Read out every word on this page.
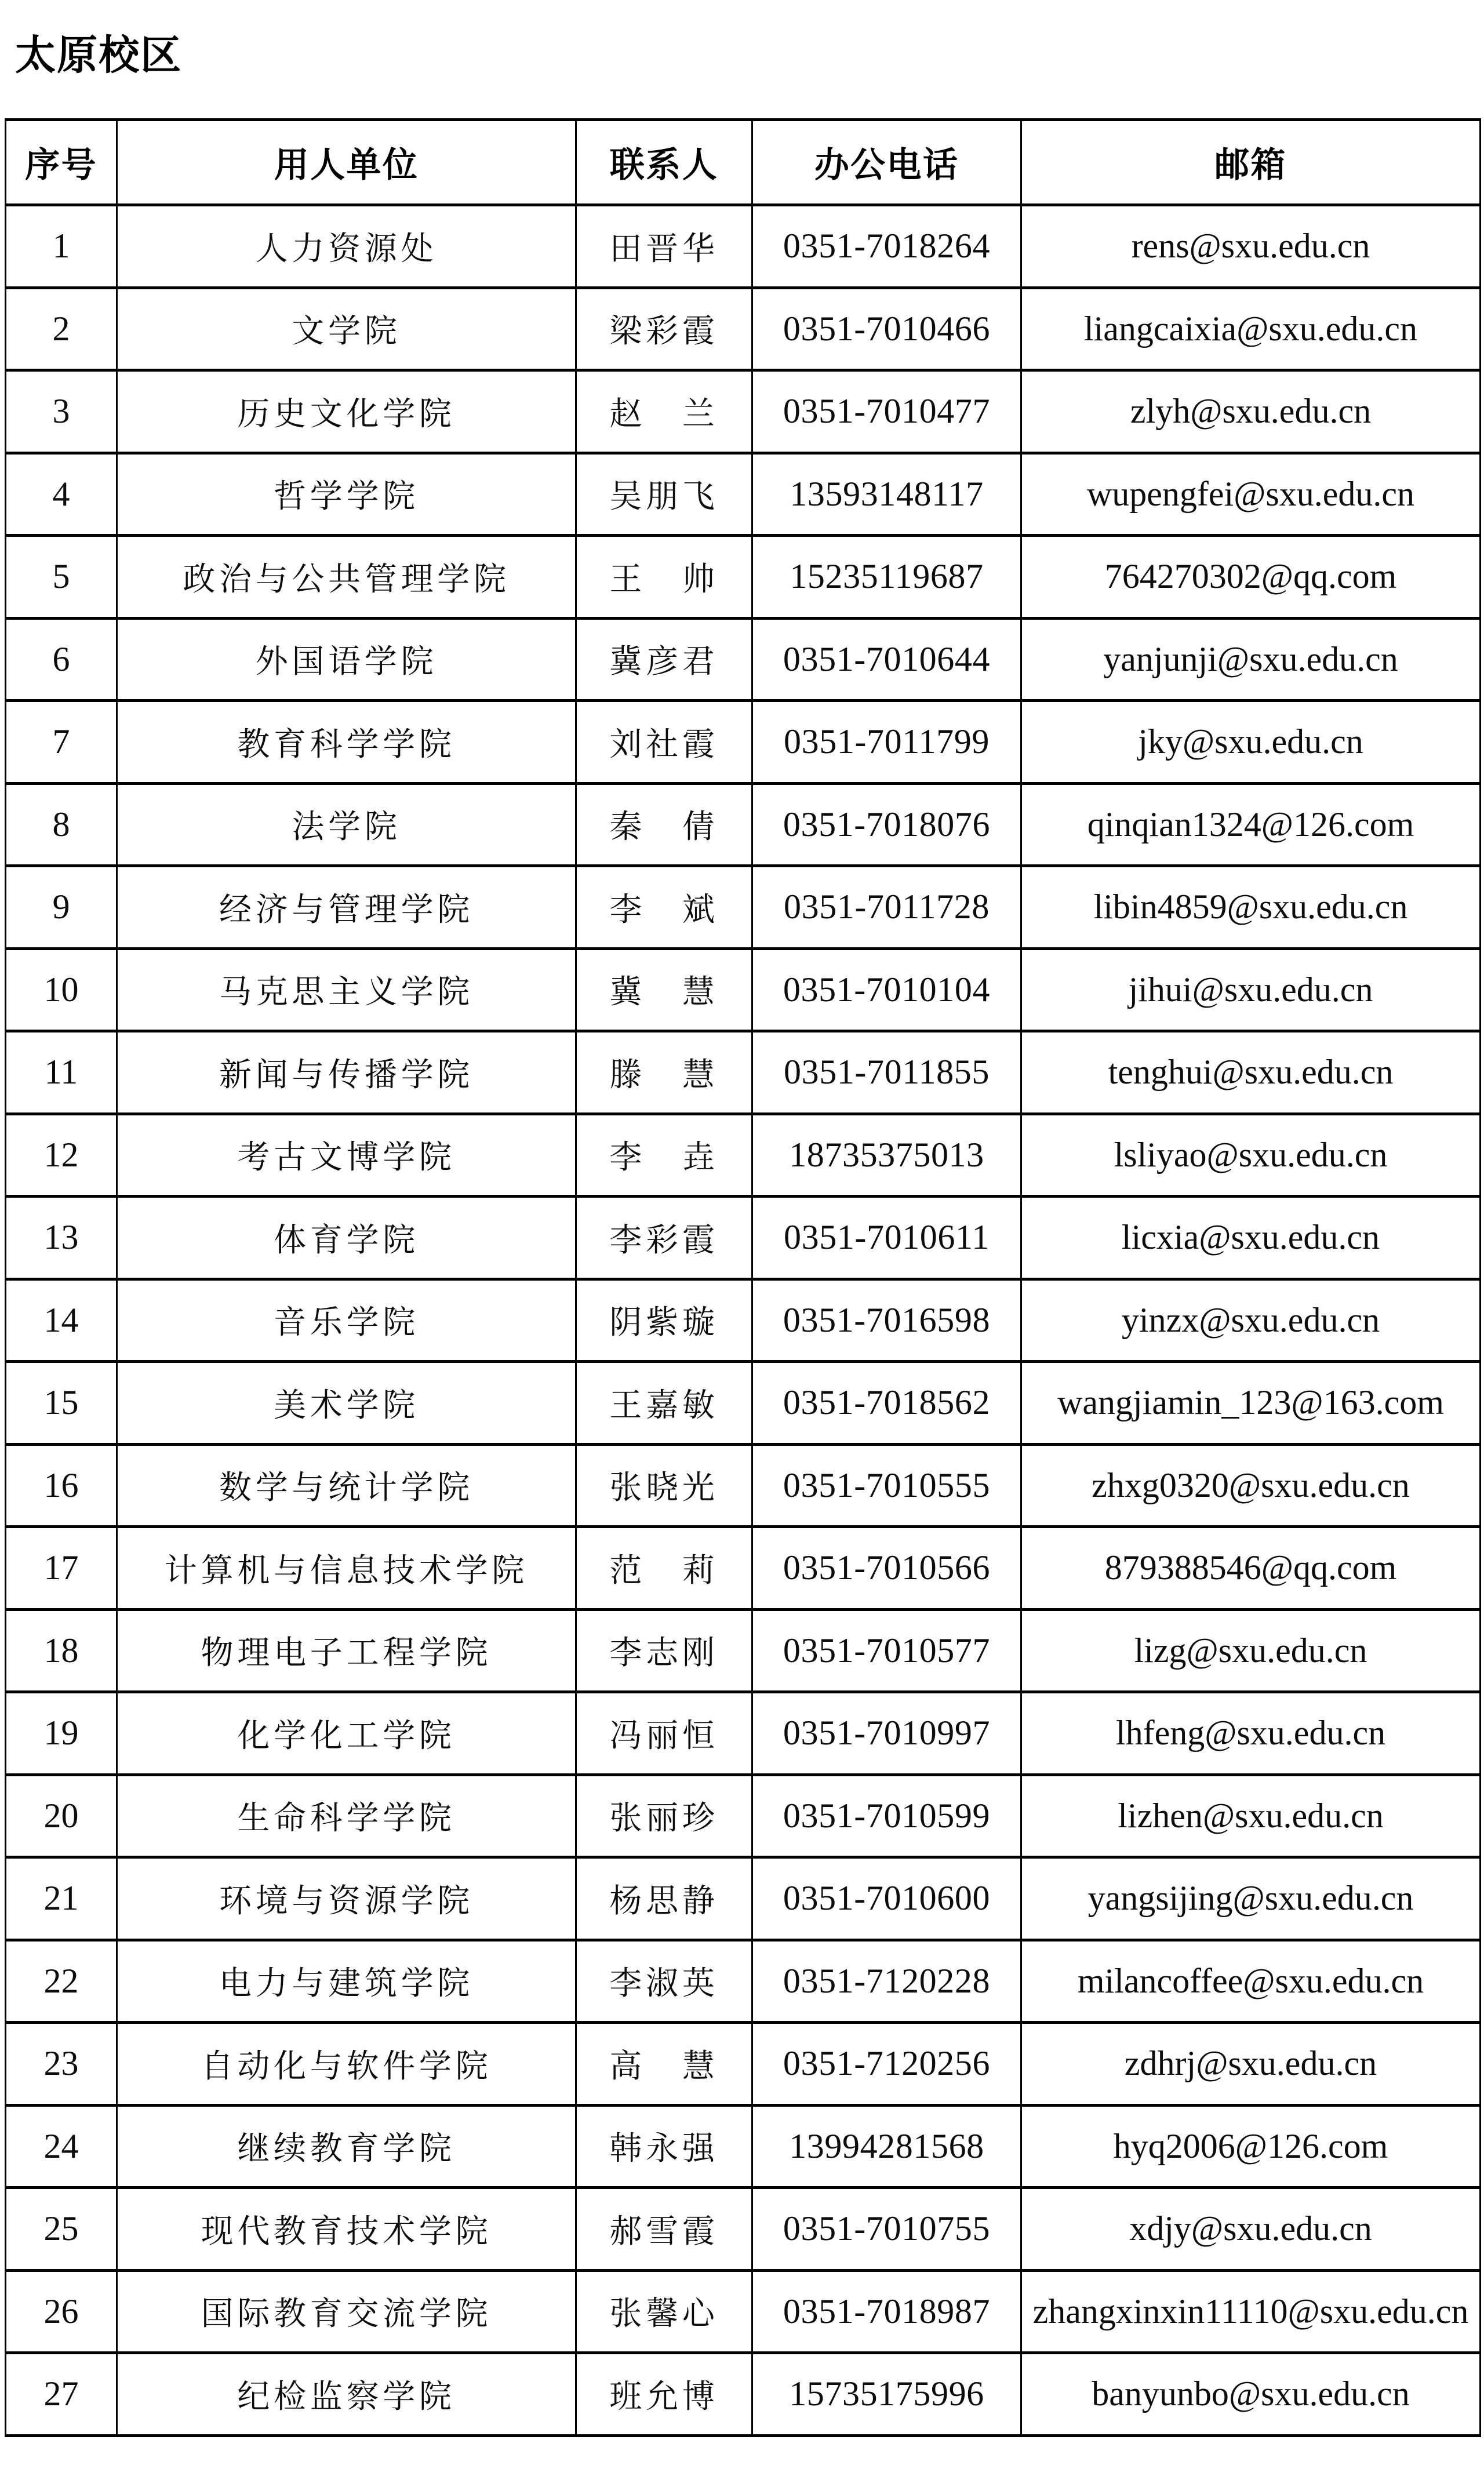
太原校区
序号	用人单位	联系人	办公电话	邮箱
1	人力资源处	田晋华	0351-7018264	rens@sxu.edu.cn
2	文学院	梁彩霞	0351-7010466	liangcaixia@sxu.edu.cn
3	历史文化学院	赵　兰	0351-7010477	zlyh@sxu.edu.cn
4	哲学学院	吴朋飞	13593148117	wupengfei@sxu.edu.cn
5	政治与公共管理学院	王　帅	15235119687	764270302@qq.com
6	外国语学院	冀彦君	0351-7010644	yanjunji@sxu.edu.cn
7	教育科学学院	刘社霞	0351-7011799	jky@sxu.edu.cn
8	法学院	秦　倩	0351-7018076	qinqian1324@126.com
9	经济与管理学院	李　斌	0351-7011728	libin4859@sxu.edu.cn
10	马克思主义学院	冀　慧	0351-7010104	jihui@sxu.edu.cn
11	新闻与传播学院	滕　慧	0351-7011855	tenghui@sxu.edu.cn
12	考古文博学院	李　垚	18735375013	lsliyao@sxu.edu.cn
13	体育学院	李彩霞	0351-7010611	licxia@sxu.edu.cn
14	音乐学院	阴紫璇	0351-7016598	yinzx@sxu.edu.cn
15	美术学院	王嘉敏	0351-7018562	wangjiamin_123@163.com
16	数学与统计学院	张晓光	0351-7010555	zhxg0320@sxu.edu.cn
17	计算机与信息技术学院	范　莉	0351-7010566	879388546@qq.com
18	物理电子工程学院	李志刚	0351-7010577	lizg@sxu.edu.cn
19	化学化工学院	冯丽恒	0351-7010997	lhfeng@sxu.edu.cn
20	生命科学学院	张丽珍	0351-7010599	lizhen@sxu.edu.cn
21	环境与资源学院	杨思静	0351-7010600	yangsijing@sxu.edu.cn
22	电力与建筑学院	李淑英	0351-7120228	milancoffee@sxu.edu.cn
23	自动化与软件学院	高　慧	0351-7120256	zdhrj@sxu.edu.cn
24	继续教育学院	韩永强	13994281568	hyq2006@126.com
25	现代教育技术学院	郝雪霞	0351-7010755	xdjy@sxu.edu.cn
26	国际教育交流学院	张馨心	0351-7018987	zhangxinxin11110@sxu.edu.cn
27	纪检监察学院	班允博	15735175996	banyunbo@sxu.edu.cn
